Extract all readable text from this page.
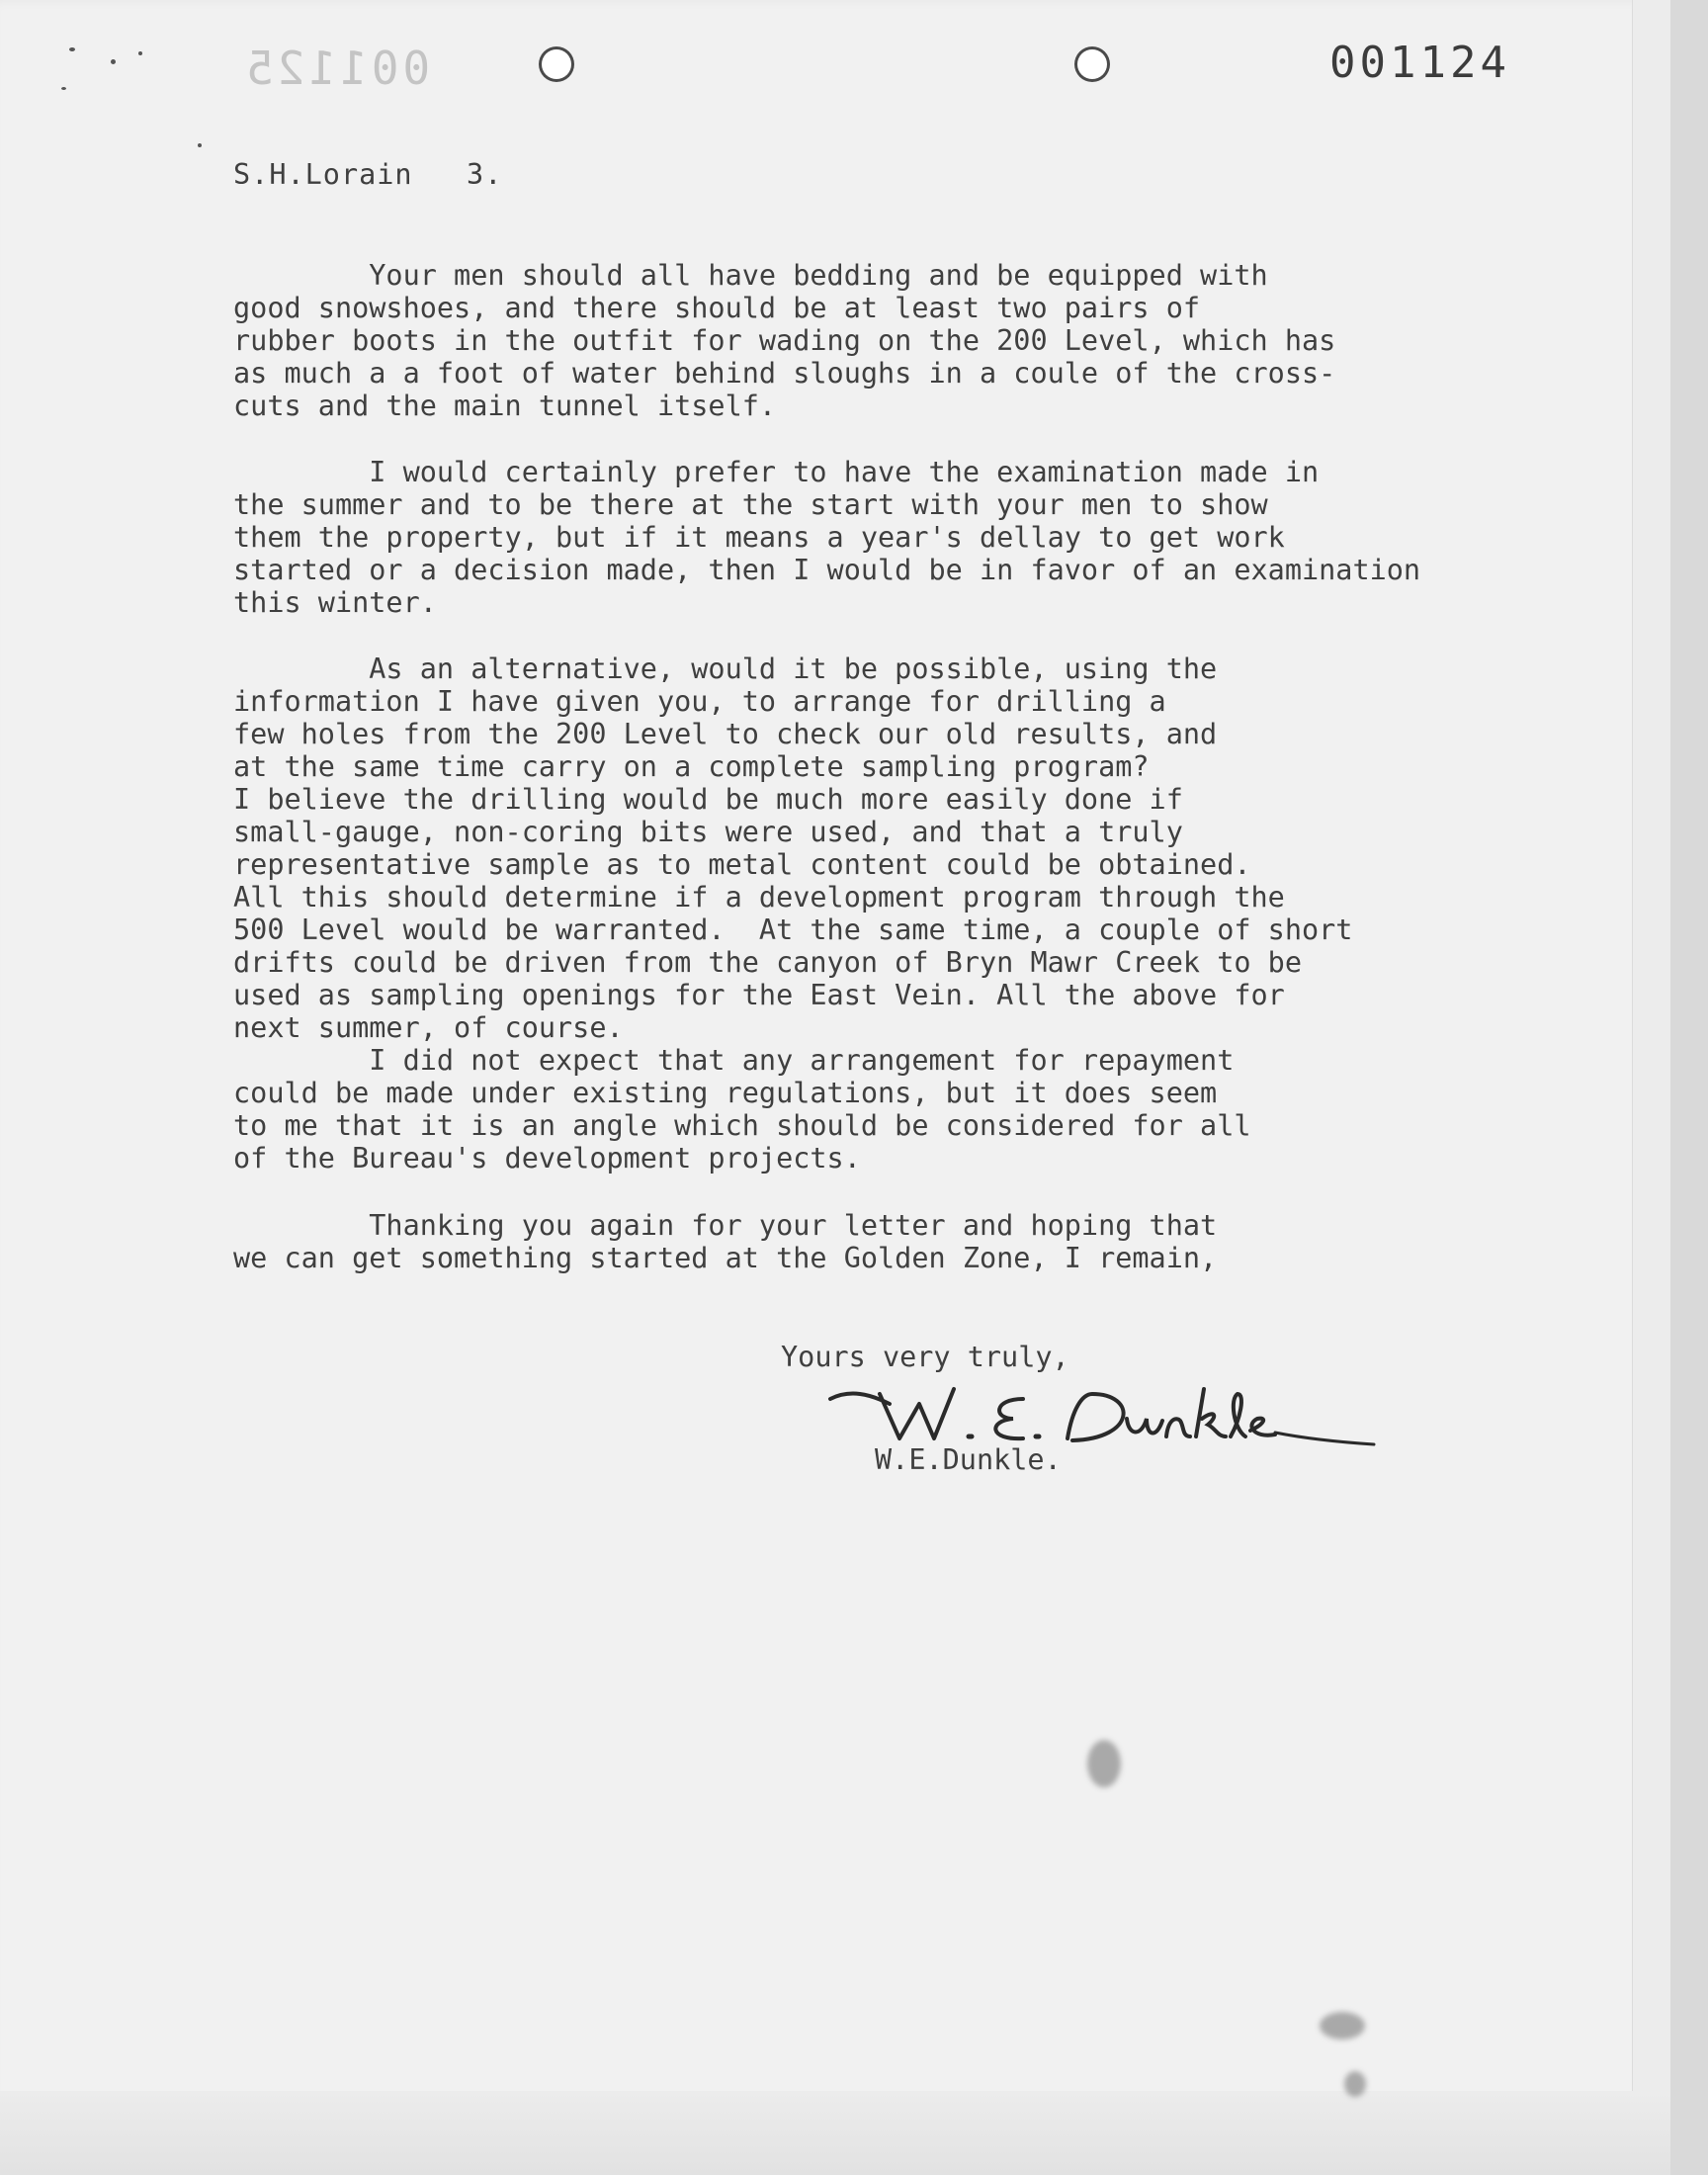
001125	001124
S.H.Lorain   3.
Your men should all have bedding and be equipped with
good snowshoes, and there should be at least two pairs of
rubber boots in the outfit for wading on the 200 Level, which has
as much a a foot of water behind sloughs in a coule of the cross-
cuts and the main tunnel itself.
I would certainly prefer to have the examination made in
the summer and to be there at the start with your men to show
them the property, but if it means a year's dellay to get work
started or a decision made, then I would be in favor of an examination
this winter.
As an alternative, would it be possible, using the
information I have given you, to arrange for drilling a
few holes from the 200 Level to check our old results, and
at the same time carry on a complete sampling program?
I believe the drilling would be much more easily done if
small-gauge, non-coring bits were used, and that a truly
representative sample as to metal content could be obtained.
All this should determine if a development program through the
500 Level would be warranted.  At the same time, a couple of short
drifts could be driven from the canyon of Bryn Mawr Creek to be
used as sampling openings for the East Vein. All the above for
next summer, of course.
I did not expect that any arrangement for repayment
could be made under existing regulations, but it does seem
to me that it is an angle which should be considered for all
of the Bureau's development projects.
Thanking you again for your letter and hoping that
we can get something started at the Golden Zone, I remain,
Yours very truly,
W.E.Dunkle.
